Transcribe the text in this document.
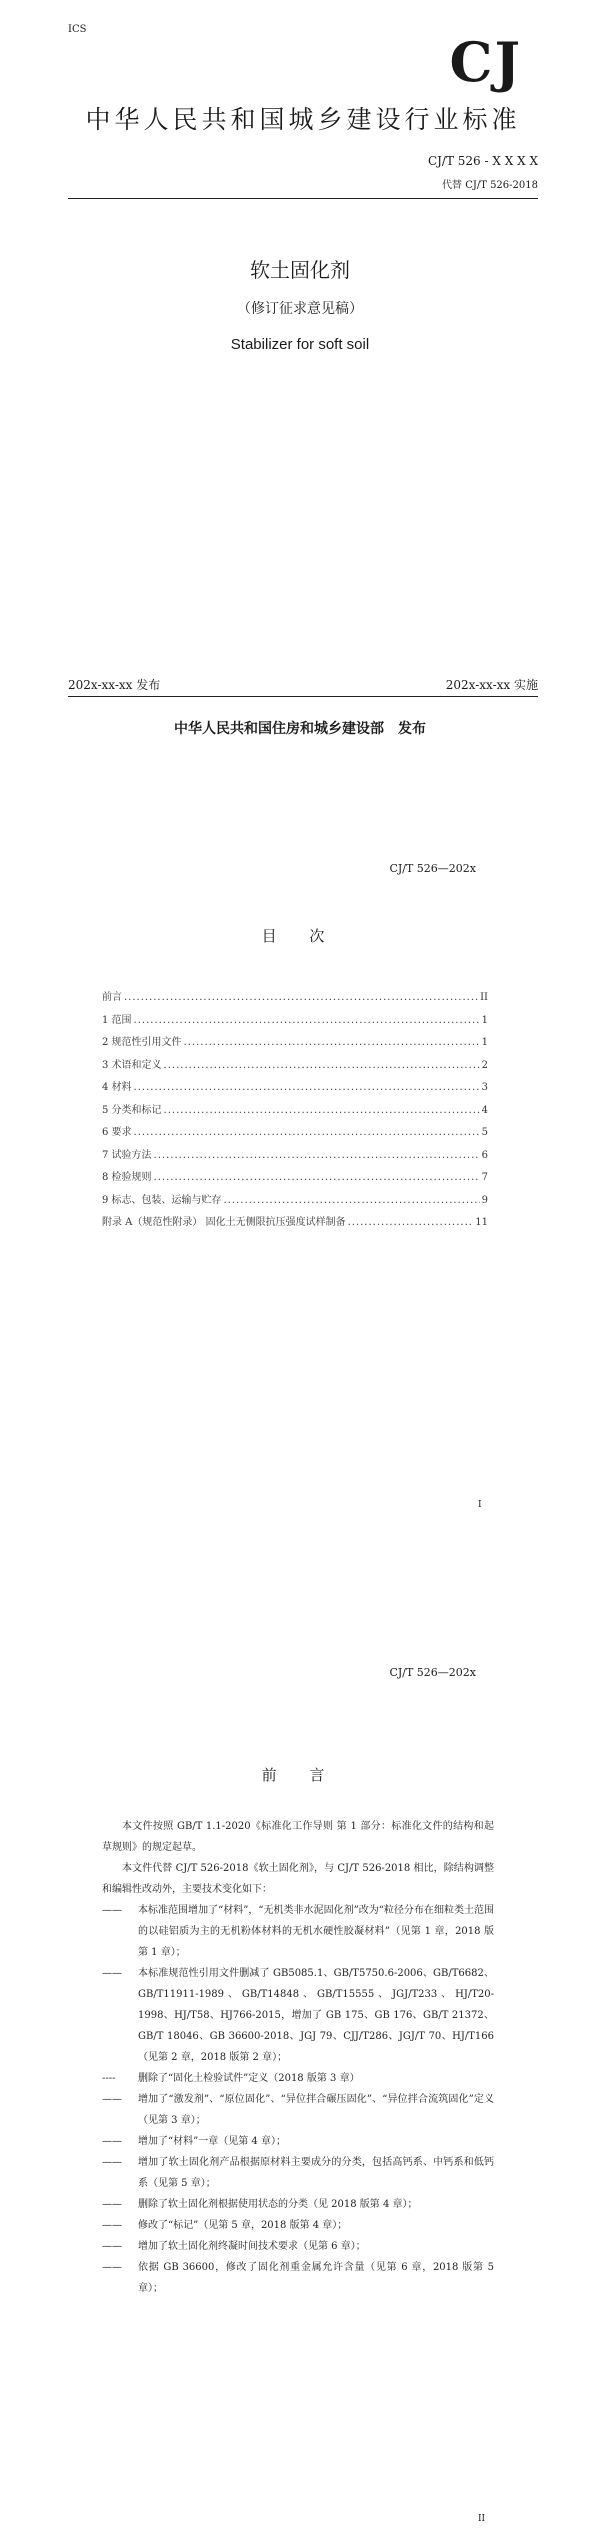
ICS
CJ
中华人民共和国城乡建设行业标准
CJ/T 526 - X X X X
代替 CJ/T 526-2018
软土固化剂
（修订征求意见稿）
Stabilizer for soft soil
202x-xx-xx 发布	202x-xx-xx 实施
中华人民共和国住房和城乡建设部　发布
CJ/T 526—202x
目 次
前言 .....	II
1 范围 .....	1
2 规范性引用文件 .....	1
3 术语和定义 .....	2
4 材料 .....	3
5 分类和标记 .....	4
6 要求 .....	5
7 试验方法 .....	6
8 检验规则 .....	7
9 标志、包装、运输与贮存 .....	9
附录 A（规范性附录） 固化土无侧限抗压强度试样制备 .....	11
I
CJ/T 526—202x
前 言

本文件按照 GB/T 1.1-2020《标准化工作导则 第 1 部分：标准化文件的结构和起草规则》的规定起草。

本文件代替 CJ/T 526-2018《软土固化剂》，与 CJ/T 526-2018 相比，除结构调整和编辑性改动外，主要技术变化如下：

——	本标准范围增加了“材料”，“无机类非水泥固化剂”改为“粒径分布在细粒类土范围的以硅铝质为主的无机粉体材料的无机水硬性胶凝材料”（见第 1 章，2018 版第 1 章）；
——	本标准规范性引用文件删减了 GB5085.1、GB/T5750.6-2006、GB/T6682、GB/T11911-1989、GB/T14848、GB/T15555、JGJ/T233、HJ/T20-1998、HJ/T58、HJ766-2015，增加了 GB 175、GB 176、GB/T 21372、GB/T 18046、GB 36600-2018、JGJ 79、CJJ/T286、JGJ/T 70、HJ/T166（见第 2 章，2018 版第 2 章）；
----	删除了“固化土检验试件”定义（2018 版第 3 章）
——	增加了“激发剂”、“原位固化”、“异位拌合碾压固化”、“异位拌合流筑固化”定义（见第 3 章）；
——	增加了“材料”一章（见第 4 章）；
——	增加了软土固化剂产品根据原材料主要成分的分类，包括高钙系、中钙系和低钙系（见第 5 章）；
——	删除了软土固化剂根据使用状态的分类（见 2018 版第 4 章）；
——	修改了“标记”（见第 5 章，2018 版第 4 章）；
——	增加了软土固化剂终凝时间技术要求（见第 6 章）；
——	依据 GB 36600，修改了固化剂重金属允许含量（见第 6 章，2018 版第 5 章）；
II
